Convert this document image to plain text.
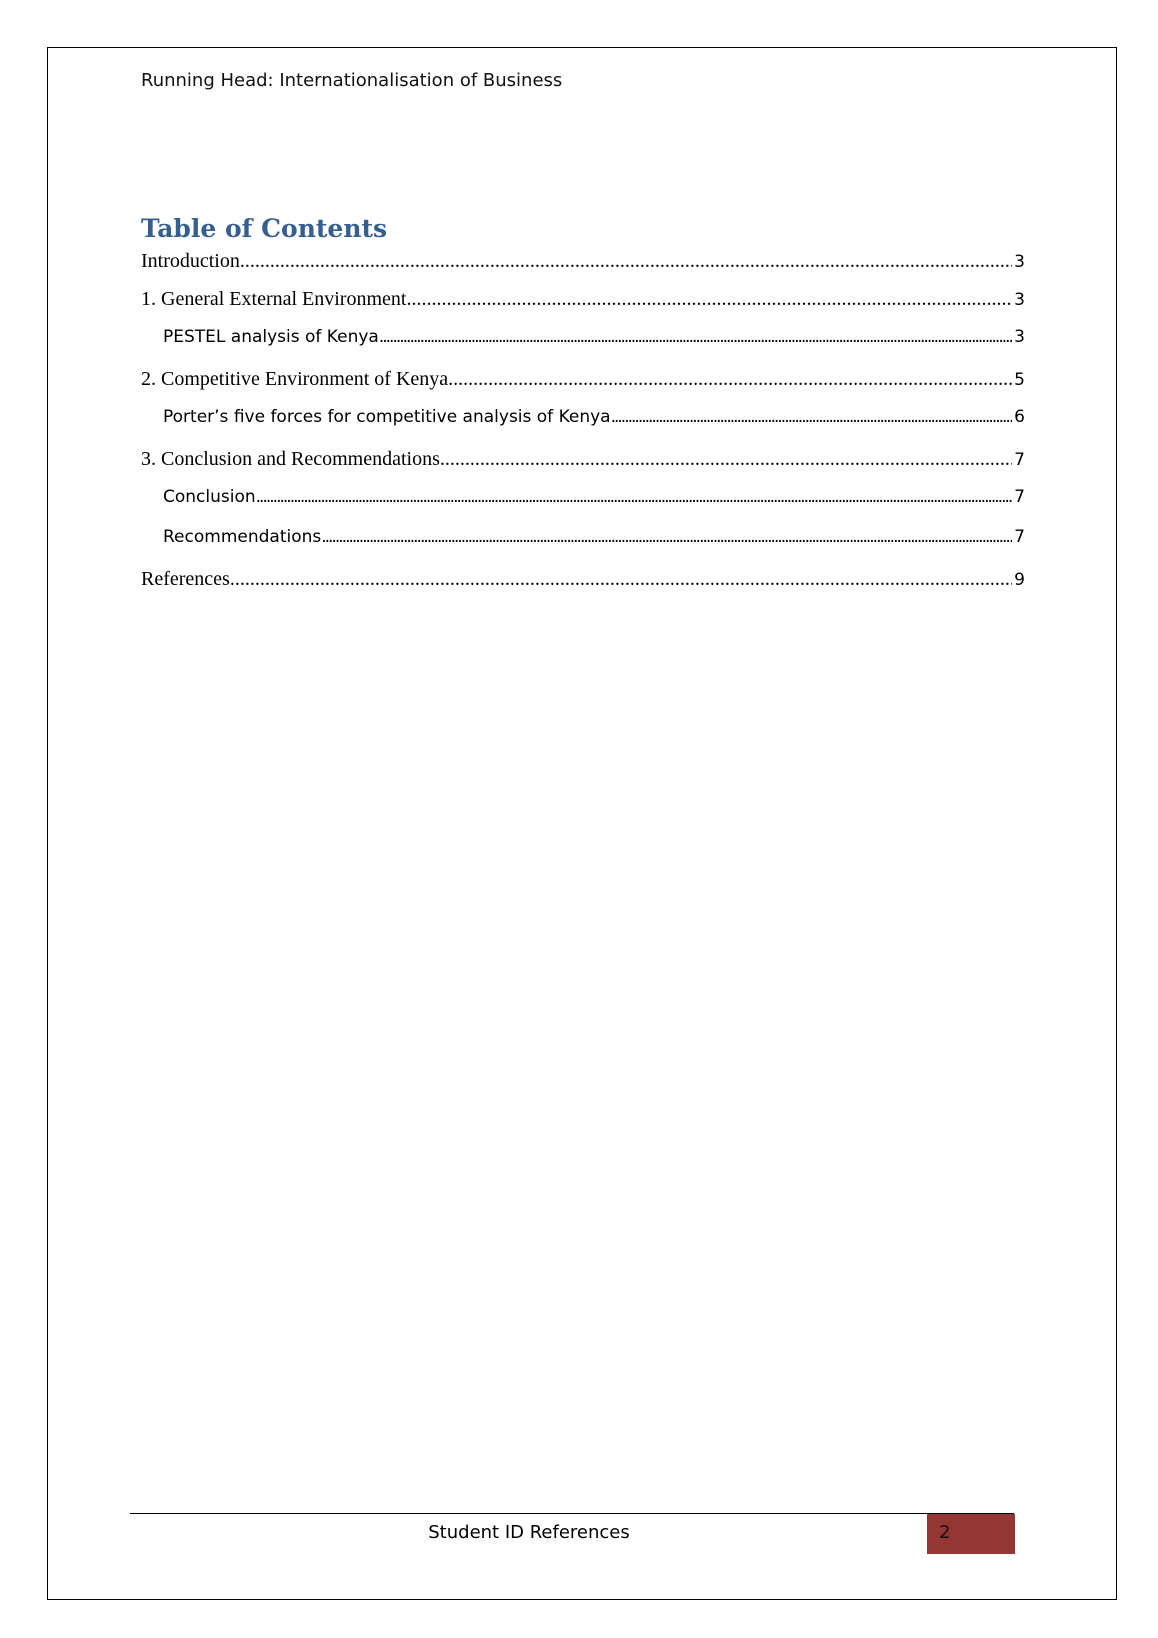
Running Head: Internationalisation of Business
Table of Contents
Introduction .....	3
1. General External Environment .....	3
PESTEL analysis of Kenya .....	3
2. Competitive Environment of Kenya .....	5
Porter’s five forces for competitive analysis of Kenya .....	6
3. Conclusion and Recommendations .....	7
Conclusion .....	7
Recommendations .....	7
References .....	9
Student ID References	2
